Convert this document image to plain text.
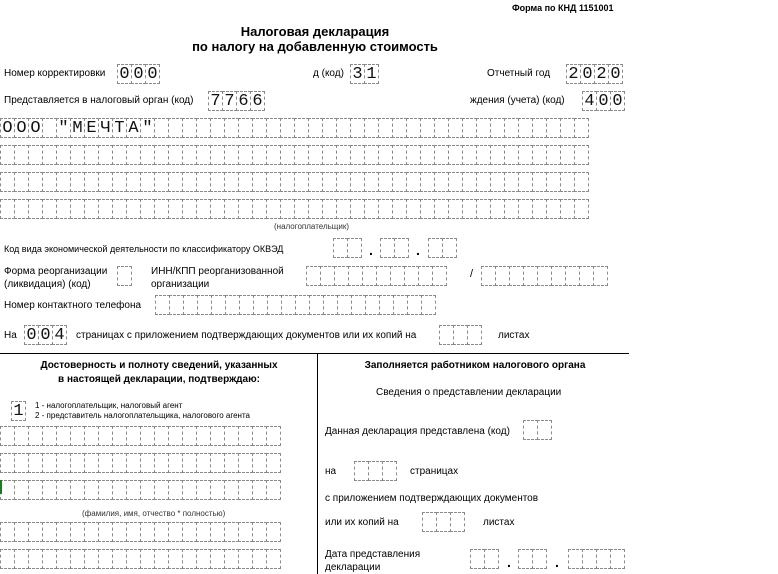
Форма по КНД 1151001
Налоговая декларация
по налогу на добавленную стоимость
Номер корректировки 0 0 0	д (код) 3 1	Отчетный год 2 0 2 0
Представляется в налоговый орган (код) 7 7 6 6	ждения (учета) (код) 4 0 0
О О О " М Е Ч Т А "
(налогоплательщик)
Код вида экономической деятельности по классификатору ОКВЭД	.	.
Форма реорганизации
(ликвидация) (код)
ИНН/КПП реорганизованной
организации
/
Номер контактного телефона
На 0 0 4 страницах с приложением подтверждающих документов или их копий на	листах
Достоверность и полноту сведений, указанных
в настоящей декларации, подтверждаю:
1	1 - налогоплательщик, налоговый агент
2 - представитель налогоплательщика, налогового агента
(фамилия, имя, отчество * полностью)
Заполняется работником налогового органа
Сведения о представлении декларации
Данная декларация представлена (код)
на	страницах
с приложением подтверждающих документов
или их копий на	листах
Дата представления
декларации	.	.
